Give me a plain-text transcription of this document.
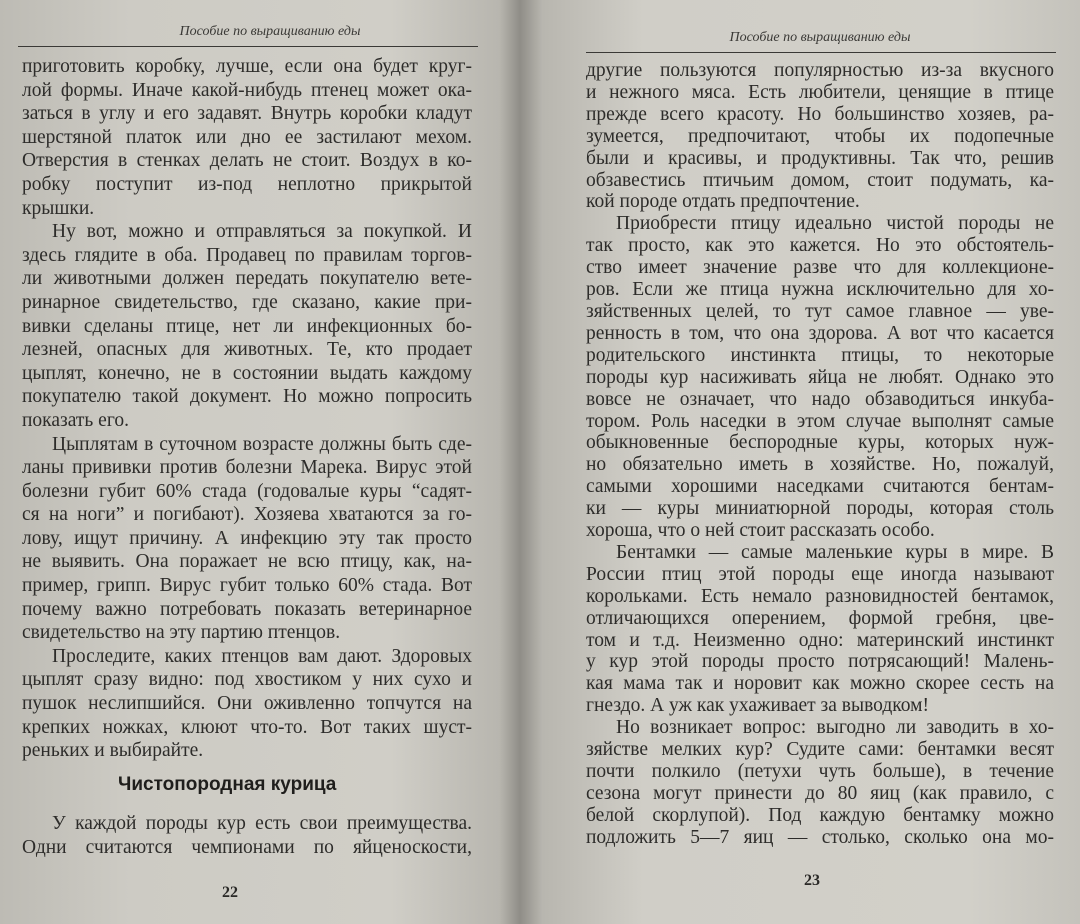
Пособие по выращиванию еды
приготовить коробку, лучше, если она будет круг-
лой формы. Иначе какой-нибудь птенец может ока-
заться в углу и его задавят. Внутрь коробки кладут
шерстяной платок или дно ее застилают мехом.
Отверстия в стенках делать не стоит. Воздух в ко-
робку поступит из-под неплотно прикрытой
крышки.
Ну вот, можно и отправляться за покупкой. И
здесь глядите в оба. Продавец по правилам торгов-
ли животными должен передать покупателю вете-
ринарное свидетельство, где сказано, какие при-
вивки сделаны птице, нет ли инфекционных бо-
лезней, опасных для животных. Те, кто продает
цыплят, конечно, не в состоянии выдать каждому
покупателю такой документ. Но можно попросить
показать его.
Цыплятам в суточном возрасте должны быть сде-
ланы прививки против болезни Марека. Вирус этой
болезни губит 60% стада (годовалые куры “садят-
ся на ноги” и погибают). Хозяева хватаются за го-
лову, ищут причину. А инфекцию эту так просто
не выявить. Она поражает не всю птицу, как, на-
пример, грипп. Вирус губит только 60% стада. Вот
почему важно потребовать показать ветеринарное
свидетельство на эту партию птенцов.
Проследите, каких птенцов вам дают. Здоровых
цыплят сразу видно: под хвостиком у них сухо и
пушок неслипшийся. Они оживленно топчутся на
крепких ножках, клюют что-то. Вот таких шуст-
реньких и выбирайте.
Чистопородная курица
У каждой породы кур есть свои преимущества.
Одни считаются чемпионами по яйценоскости,
22
Пособие по выращиванию еды
другие пользуются популярностью из-за вкусного
и нежного мяса. Есть любители, ценящие в птице
прежде всего красоту. Но большинство хозяев, ра-
зумеется, предпочитают, чтобы их подопечные
были и красивы, и продуктивны. Так что, решив
обзавестись птичьим домом, стоит подумать, ка-
кой породе отдать предпочтение.
Приобрести птицу идеально чистой породы не
так просто, как это кажется. Но это обстоятель-
ство имеет значение разве что для коллекционе-
ров. Если же птица нужна исключительно для хо-
зяйственных целей, то тут самое главное — уве-
ренность в том, что она здорова. А вот что касается
родительского инстинкта птицы, то некоторые
породы кур насиживать яйца не любят. Однако это
вовсе не означает, что надо обзаводиться инкуба-
тором. Роль наседки в этом случае выполнят самые
обыкновенные беспородные куры, которых нуж-
но обязательно иметь в хозяйстве. Но, пожалуй,
самыми хорошими наседками считаются бентам-
ки — куры миниатюрной породы, которая столь
хороша, что о ней стоит рассказать особо.
Бентамки — самые маленькие куры в мире. В
России птиц этой породы еще иногда называют
корольками. Есть немало разновидностей бентамок,
отличающихся оперением, формой гребня, цве-
том и т.д. Неизменно одно: материнский инстинкт
у кур этой породы просто потрясающий! Малень-
кая мама так и норовит как можно скорее сесть на
гнездо. А уж как ухаживает за выводком!
Но возникает вопрос: выгодно ли заводить в хо-
зяйстве мелких кур? Судите сами: бентамки весят
почти полкило (петухи чуть больше), в течение
сезона могут принести до 80 яиц (как правило, с
белой скорлупой). Под каждую бентамку можно
подложить 5—7 яиц — столько, сколько она мо-
23
